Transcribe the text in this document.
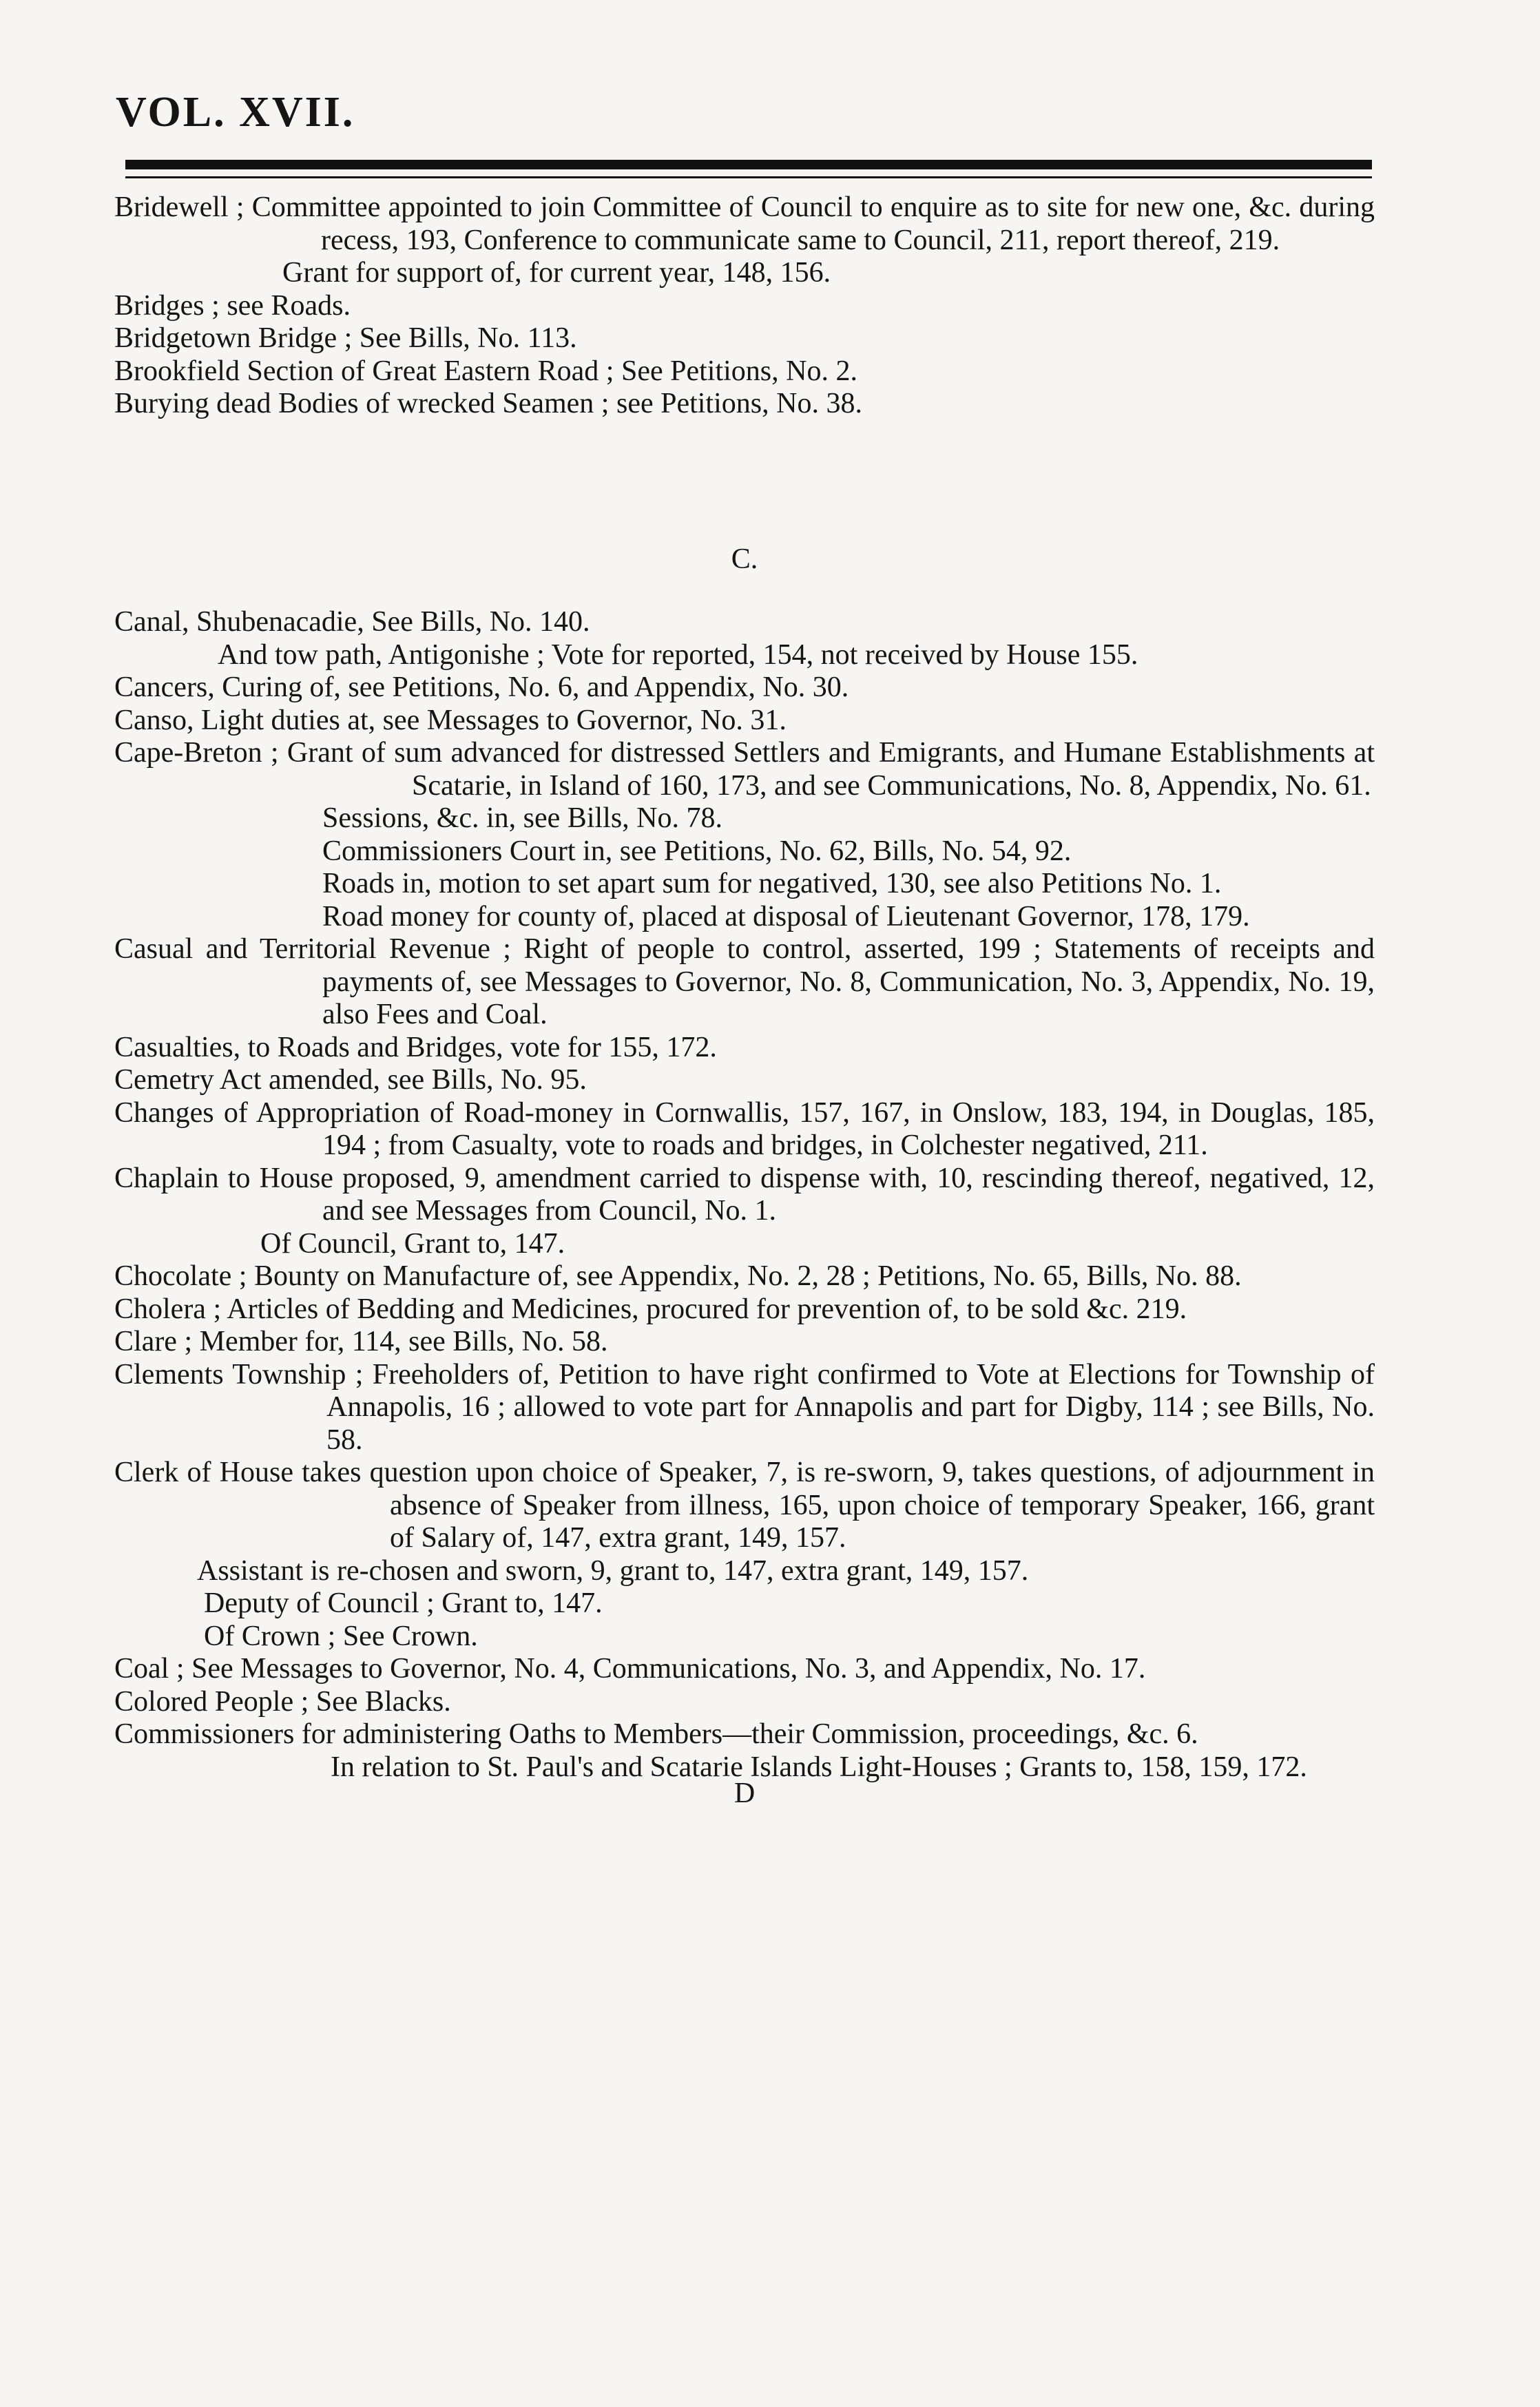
VOL. XVII.

Bridewell ; Committee appointed to join Committee of Council to enquire as to site for new one, &c. during recess, 193, Conference to communicate same to Council, 211, report thereof, 219.

Grant for support of, for current year, 148, 156.

Bridges ; see Roads.

Bridgetown Bridge ; See Bills, No. 113.

Brookfield Section of Great Eastern Road ; See Petitions, No. 2.

Burying dead Bodies of wrecked Seamen ; see Petitions, No. 38.

C.

Canal, Shubenacadie, See Bills, No. 140.

And tow path, Antigonishe ; Vote for reported, 154, not received by House 155.

Cancers, Curing of, see Petitions, No. 6, and Appendix, No. 30.

Canso, Light duties at, see Messages to Governor, No. 31.

Cape-Breton ; Grant of sum advanced for distressed Settlers and Emigrants, and Humane Establishments at Scatarie, in Island of 160, 173, and see Communications, No. 8, Appendix, No. 61.

Sessions, &c. in, see Bills, No. 78.

Commissioners Court in, see Petitions, No. 62, Bills, No. 54, 92.

Roads in, motion to set apart sum for negatived, 130, see also Petitions No. 1.

Road money for county of, placed at disposal of Lieutenant Governor, 178, 179.

Casual and Territorial Revenue ; Right of people to control, asserted, 199 ; Statements of receipts and payments of, see Messages to Governor, No. 8, Communication, No. 3, Appendix, No. 19, also Fees and Coal.

Casualties, to Roads and Bridges, vote for 155, 172.

Cemetry Act amended, see Bills, No. 95.

Changes of Appropriation of Road-money in Cornwallis, 157, 167, in Onslow, 183, 194, in Douglas, 185, 194 ; from Casualty, vote to roads and bridges, in Colchester negatived, 211.

Chaplain to House proposed, 9, amendment carried to dispense with, 10, rescinding thereof, negatived, 12, and see Messages from Council, No. 1.

Of Council, Grant to, 147.

Chocolate ; Bounty on Manufacture of, see Appendix, No. 2, 28 ; Petitions, No. 65, Bills, No. 88.

Cholera ; Articles of Bedding and Medicines, procured for prevention of, to be sold &c. 219.

Clare ; Member for, 114, see Bills, No. 58.

Clements Township ; Freeholders of, Petition to have right confirmed to Vote at Elections for Township of Annapolis, 16 ; allowed to vote part for Annapolis and part for Digby, 114 ; see Bills, No. 58.

Clerk of House takes question upon choice of Speaker, 7, is re-sworn, 9, takes questions, of adjournment in absence of Speaker from illness, 165, upon choice of temporary Speaker, 166, grant of Salary of, 147, extra grant, 149, 157.

Assistant is re-chosen and sworn, 9, grant to, 147, extra grant, 149, 157.

Deputy of Council ; Grant to, 147.

Of Crown ; See Crown.

Coal ; See Messages to Governor, No. 4, Communications, No. 3, and Appendix, No. 17.

Colored People ; See Blacks.

Commissioners for administering Oaths to Members—their Commission, proceedings, &c. 6.

In relation to St. Paul's and Scatarie Islands Light-Houses ; Grants to, 158, 159, 172.

D
